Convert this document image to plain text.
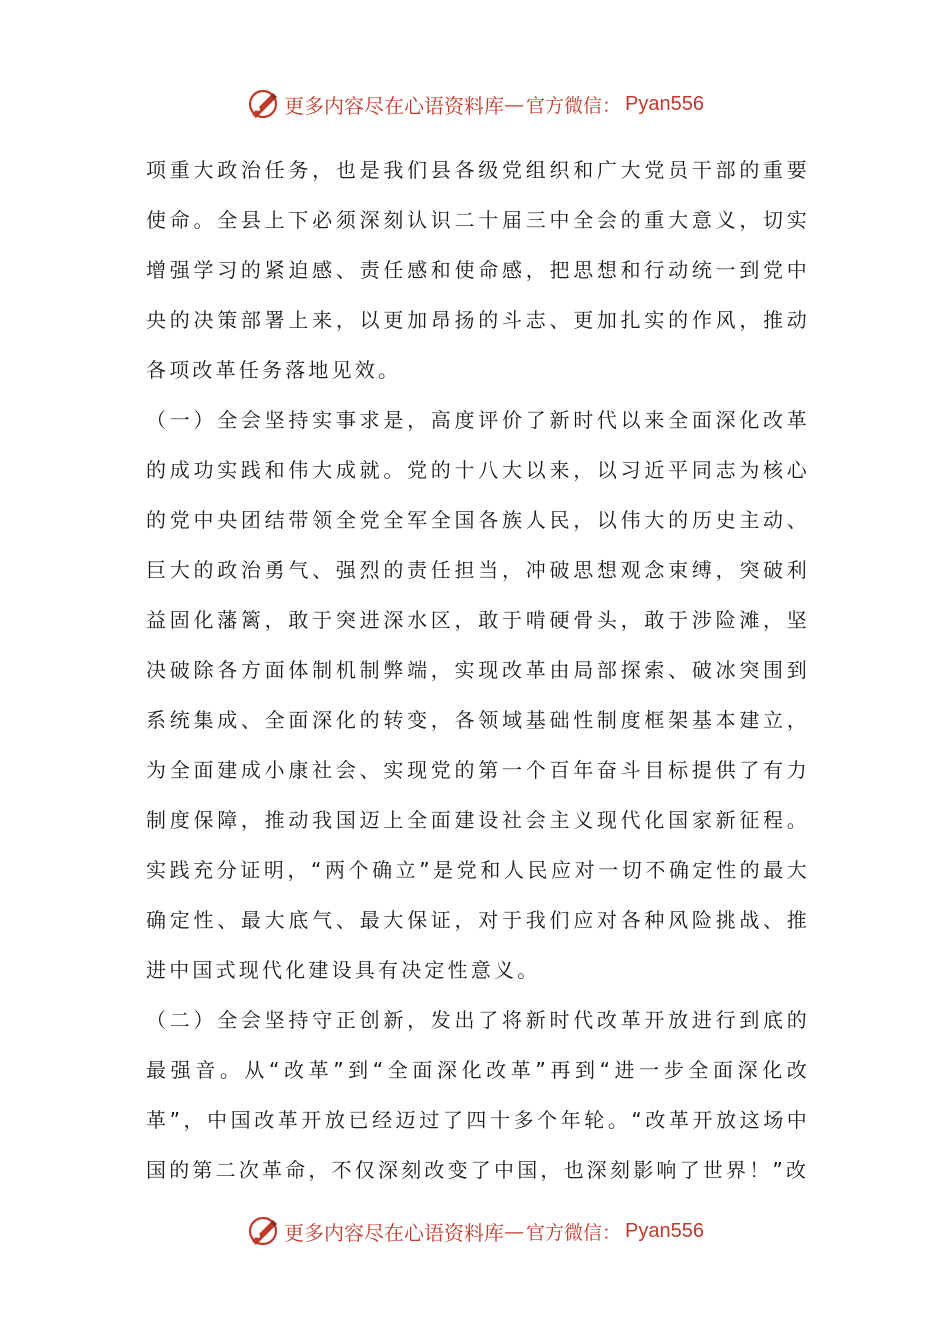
更多内容尽在心语资料库 — 官方微信： Pyan556

项重大政治任务，也是我们县各级党组织和广大党员干部的重要使命。全县上下必须深刻认识二十届三中全会的重大意义，切实增强学习的紧迫感、责任感和使命感，把思想和行动统一到党中央的决策部署上来，以更加昂扬的斗志、更加扎实的作风，推动各项改革任务落地见效。

（一）全会坚持实事求是，高度评价了新时代以来全面深化改革的成功实践和伟大成就。党的十八大以来，以习近平同志为核心的党中央团结带领全党全军全国各族人民，以伟大的历史主动、巨大的政治勇气、强烈的责任担当，冲破思想观念束缚，突破利益固化藩篱，敢于突进深水区，敢于啃硬骨头，敢于涉险滩，坚决破除各方面体制机制弊端，实现改革由局部探索、破冰突围到系统集成、全面深化的转变，各领域基础性制度框架基本建立，为全面建成小康社会、实现党的第一个百年奋斗目标提供了有力制度保障，推动我国迈上全面建设社会主义现代化国家新征程。实践充分证明，“两个确立”是党和人民应对一切不确定性的最大确定性、最大底气、最大保证，对于我们应对各种风险挑战、推进中国式现代化建设具有决定性意义。

（二）全会坚持守正创新，发出了将新时代改革开放进行到底的最强音。从“改革”到“全面深化改革”再到“进一步全面深化改革”，中国改革开放已经迈过了四十多个年轮。“改革开放这场中国的第二次革命，不仅深刻改变了中国，也深刻影响了世界！”改

更多内容尽在心语资料库 — 官方微信： Pyan556
